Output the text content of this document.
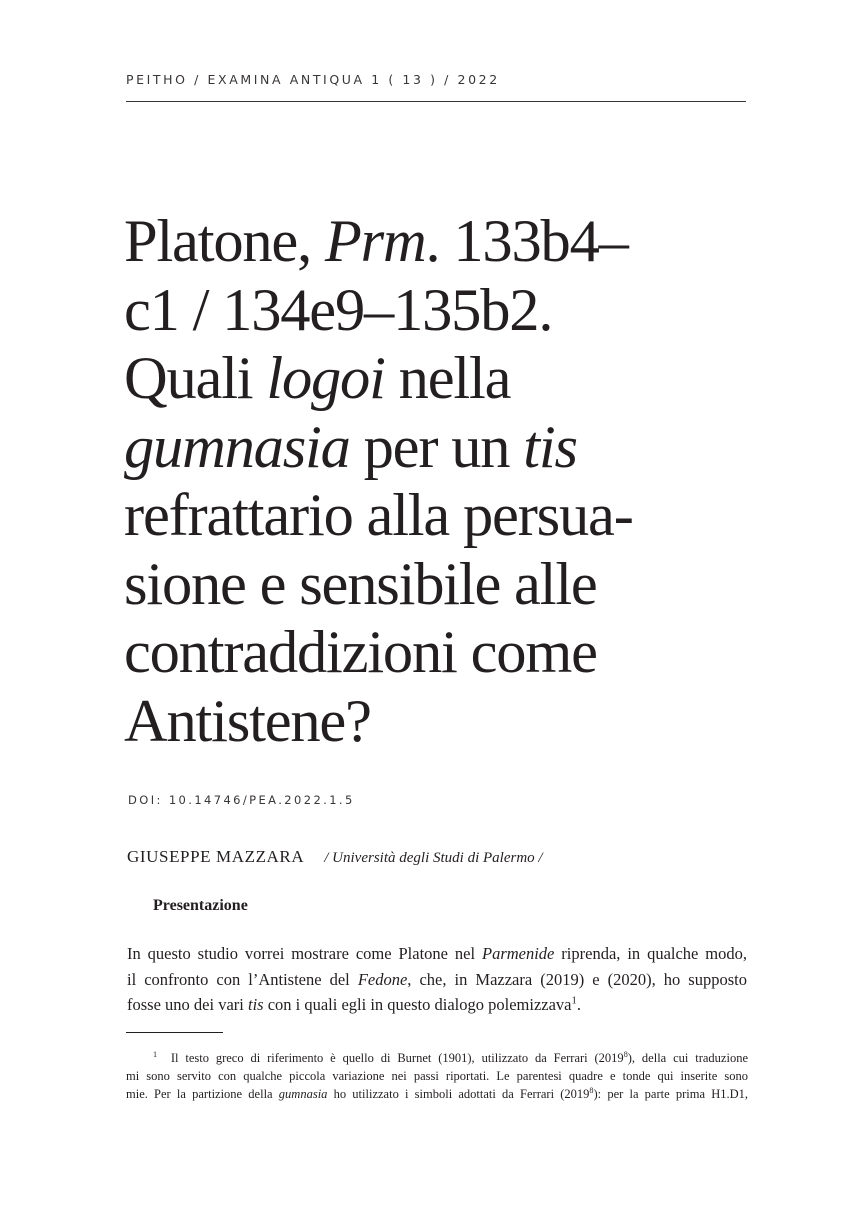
PEITHO / EXAMINA ANTIQUA 1 ( 13 ) / 2022
Platone, Prm. 133b4–
c1 / 134e9–135b2.
Quali logoi nella
gumnasia per un tis
refrattario alla persua-
sione e sensibile alle
contraddizioni come
Antistene?
DOI: 10.14746/PEA.2022.1.5
GIUSEPPE MAZZARA / Università degli Studi di Palermo /
Presentazione
In questo studio vorrei mostrare come Platone nel Parmenide riprenda, in qualche modo,
il confronto con l’Antistene del Fedone, che, in Mazzara (2019) e (2020), ho supposto
fosse uno dei vari tis con i quali egli in questo dialogo polemizzava$^1$.
$^1$ Il testo greco di riferimento è quello di Burnet (1901), utilizzato da Ferrari (2019$^8$), della cui traduzione
mi sono servito con qualche piccola variazione nei passi riportati. Le parentesi quadre e tonde qui inserite sono
mie. Per la partizione della gumnasia ho utilizzato i simboli adottati da Ferrari (2019$^8$): per la parte prima H1.D1,
